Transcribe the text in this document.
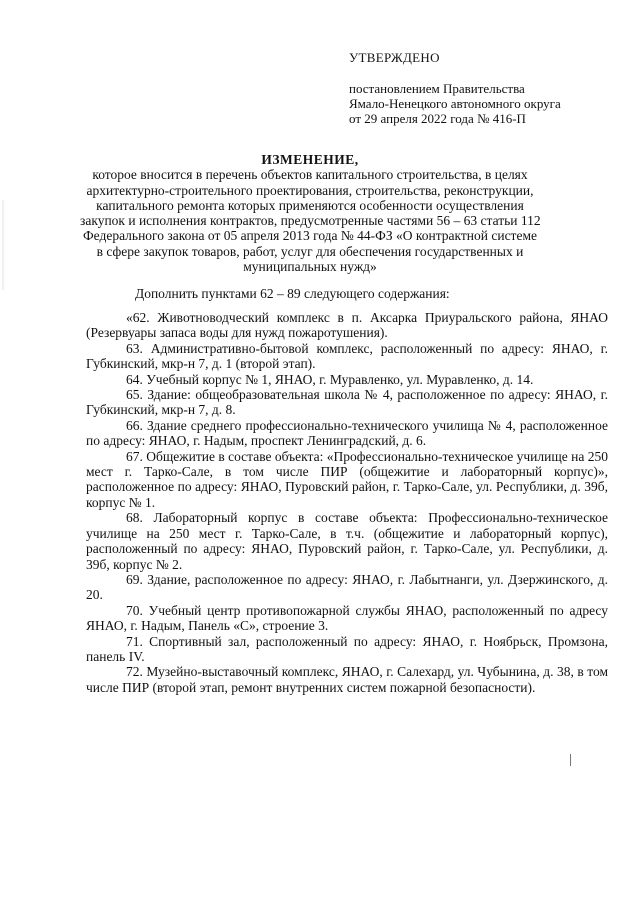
УТВЕРЖДЕНО
постановлением Правительства
Ямало-Ненецкого автономного округа
от 29 апреля 2022 года № 416-П
ИЗМЕНЕНИЕ,
которое вносится в перечень объектов капитального строительства, в целях
архитектурно-строительного проектирования, строительства, реконструкции,
капитального ремонта которых применяются особенности осуществления
закупок и исполнения контрактов, предусмотренные частями 56 – 63 статьи 112
Федерального закона от 05 апреля 2013 года № 44-ФЗ «О контрактной системе
в сфере закупок товаров, работ, услуг для обеспечения государственных и
муниципальных нужд»
Дополнить пунктами 62 – 89 следующего содержания:

«62. Животноводческий комплекс в п. Аксарка Приуральского района, ЯНАО (Резервуары запаса воды для нужд пожаротушения).

63. Административно-бытовой комплекс, расположенный по адресу: ЯНАО, г. Губкинский, мкр-н 7, д. 1 (второй этап).

64. Учебный корпус № 1, ЯНАО, г. Муравленко, ул. Муравленко, д. 14.

65. Здание: общеобразовательная школа № 4, расположенное по адресу: ЯНАО, г. Губкинский, мкр-н 7, д. 8.

66. Здание среднего профессионально-технического училища № 4, расположенное по адресу: ЯНАО, г. Надым, проспект Ленинградский, д. 6.

67. Общежитие в составе объекта: «Профессионально-техническое училище на 250 мест г. Тарко-Сале, в том числе ПИР (общежитие и лабораторный корпус)», расположенное по адресу: ЯНАО, Пуровский район, г. Тарко-Сале, ул. Республики, д. 39б, корпус № 1.

68. Лабораторный корпус в составе объекта: Профессионально-техническое училище на 250 мест г. Тарко-Сале, в т.ч. (общежитие и лабораторный корпус), расположенный по адресу: ЯНАО, Пуровский район, г. Тарко-Сале, ул. Республики, д. 39б, корпус № 2.

69. Здание, расположенное по адресу: ЯНАО, г. Лабытнанги, ул. Дзержинского, д. 20.

70. Учебный центр противопожарной службы ЯНАО, расположенный по адресу ЯНАО, г. Надым, Панель «С», строение 3.

71. Спортивный зал, расположенный по адресу: ЯНАО, г. Ноябрьск, Промзона, панель IV.

72. Музейно-выставочный комплекс, ЯНАО, г. Салехард, ул. Чубынина, д. 38, в том числе ПИР (второй этап, ремонт внутренних систем пожарной безопасности).
